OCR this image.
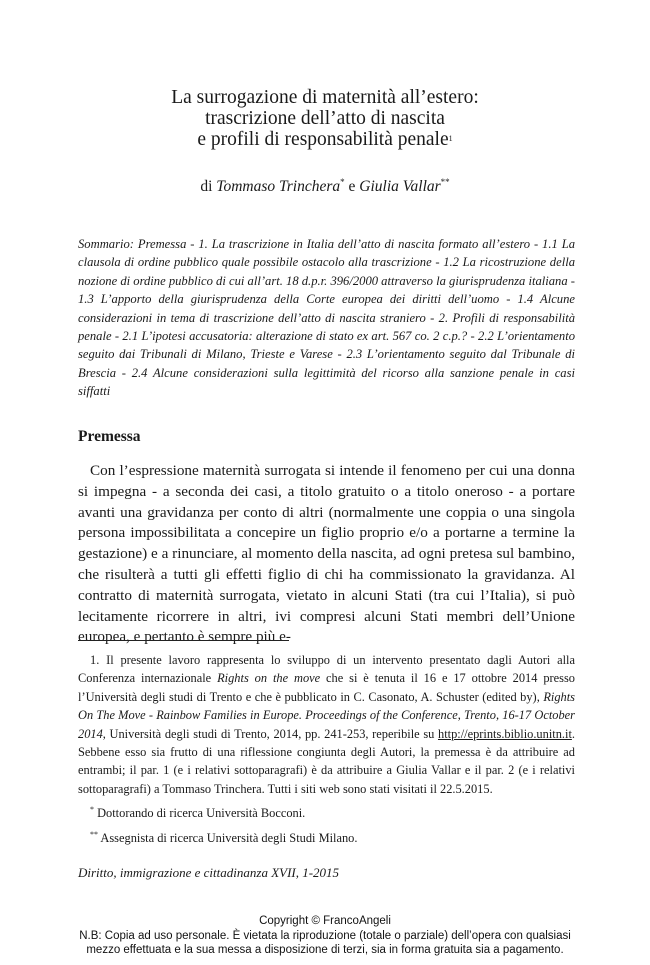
La surrogazione di maternità all’estero:
trascrizione dell’atto di nascita
e profili di responsabilità penale$^1$
di Tommaso Trinchera* e Giulia Vallar**
Sommario: Premessa - 1. La trascrizione in Italia dell’atto di nascita formato all’estero - 1.1 La clausola di ordine pubblico quale possibile ostacolo alla trascrizione - 1.2 La ricostruzione della nozione di ordine pubblico di cui all’art. 18 d.p.r. 396/2000 attraverso la giurisprudenza italiana - 1.3 L’apporto della giurisprudenza della Corte europea dei diritti dell’uomo - 1.4 Alcune considerazioni in tema di trascrizione dell’atto di nascita straniero - 2. Profili di responsabilità penale - 2.1 L’ipotesi accusatoria: alterazione di stato ex art. 567 co. 2 c.p.? - 2.2 L’orientamento seguito dai Tribunali di Milano, Trieste e Varese - 2.3 L’orientamento seguito dal Tribunale di Brescia - 2.4 Alcune considerazioni sulla legittimità del ricorso alla sanzione penale in casi siffatti
Premessa
Con l’espressione maternità surrogata si intende il fenomeno per cui una donna si impegna - a seconda dei casi, a titolo gratuito o a titolo oneroso - a portare avanti una gravidanza per conto di altri (normalmente une coppia o una singola persona impossibilitata a concepire un figlio proprio e/o a portarne a termine la gestazione) e a rinunciare, al momento della nascita, ad ogni pretesa sul bambino, che risulterà a tutti gli effetti figlio di chi ha commissionato la gravidanza. Al contratto di maternità surrogata, vietato in alcuni Stati (tra cui l’Italia), si può lecitamente ricorrere in altri, ivi compresi alcuni Stati membri dell’Unione europea, e pertanto è sempre più e-

1. Il presente lavoro rappresenta lo sviluppo di un intervento presentato dagli Autori alla Conferenza internazionale Rights on the move che si è tenuta il 16 e 17 ottobre 2014 presso l’Università degli studi di Trento e che è pubblicato in C. Casonato, A. Schuster (edited by), Rights On The Move - Rainbow Families in Europe. Proceedings of the Conference, Trento, 16-17 October 2014, Università degli studi di Trento, 2014, pp. 241-253, reperibile su http://eprints.biblio.unitn.it. Sebbene esso sia frutto di una riflessione congiunta degli Autori, la premessa è da attribuire ad entrambi; il par. 1 (e i relativi sottoparagrafi) è da attribuire a Giulia Vallar e il par. 2 (e i relativi sottoparagrafi) a Tommaso Trinchera. Tutti i siti web sono stati visitati il 22.5.2015.

* Dottorando di ricerca Università Bocconi.

** Assegnista di ricerca Università degli Studi Milano.

Diritto, immigrazione e cittadinanza XVII, 1-2015
Copyright © FrancoAngeli
N.B: Copia ad uso personale. È vietata la riproduzione (totale o parziale) dell’opera con qualsiasi
mezzo effettuata e la sua messa a disposizione di terzi, sia in forma gratuita sia a pagamento.
